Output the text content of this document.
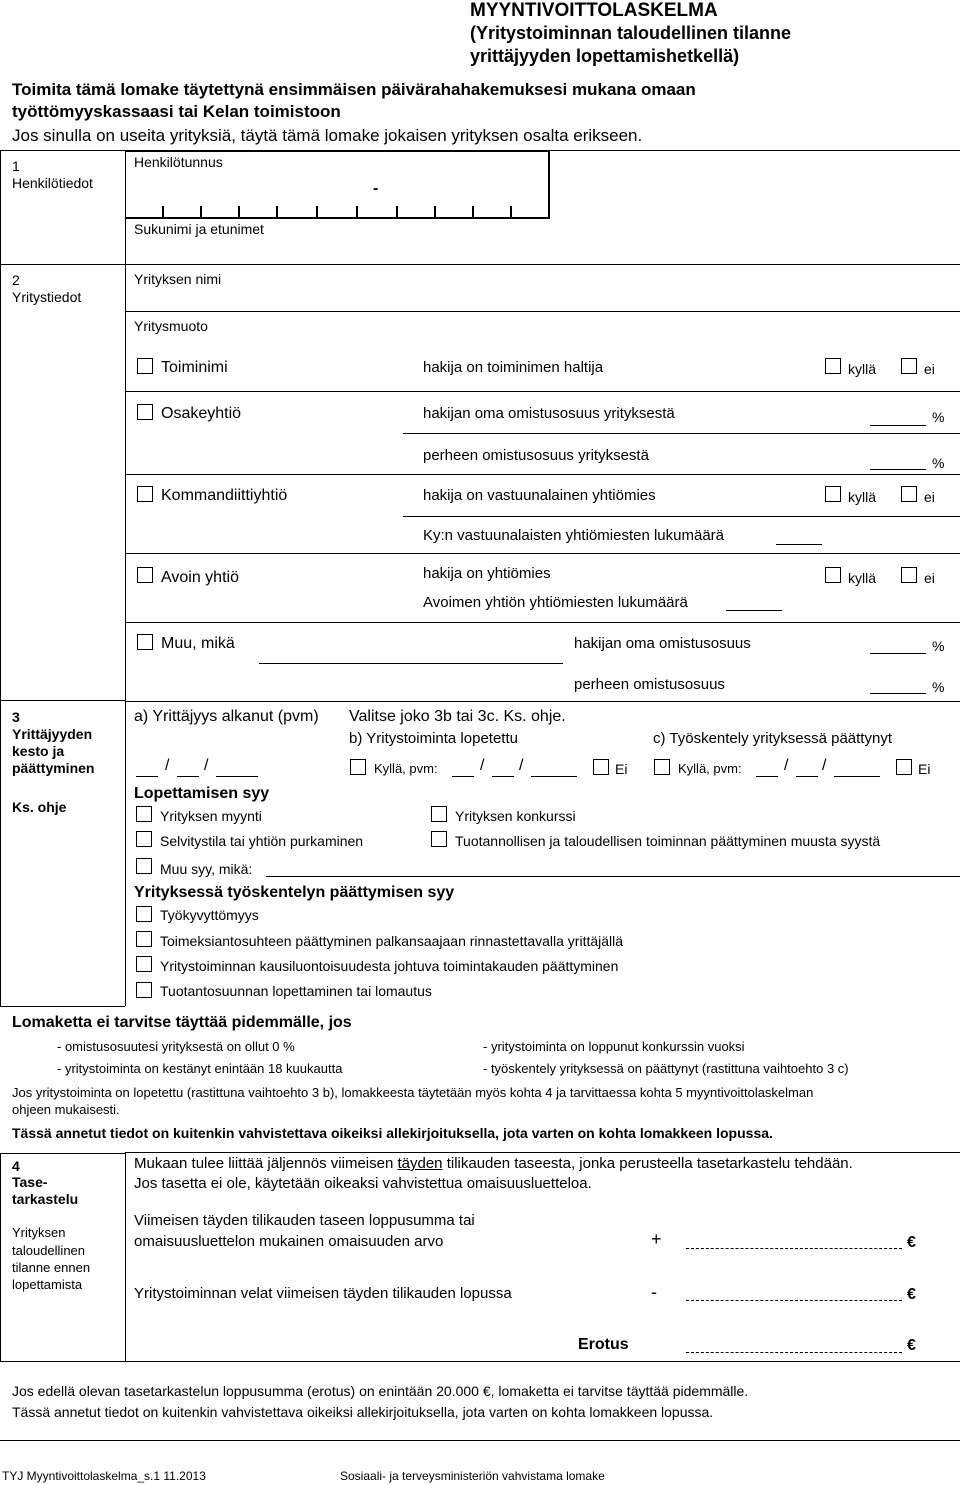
MYYNTIVOITTOLASKELMA
(Yritystoiminnan taloudellinen tilanne
yrittäjyyden lopettamishetkellä)
Toimita tämä lomake täytettynä ensimmäisen päivärahahakemuksesi mukana omaan
työttömyyskassaasi tai Kelan toimistoon
Jos sinulla on useita yrityksiä, täytä tämä lomake jokaisen yrityksen osalta erikseen.
1
Henkilötiedot
Henkilötunnus
-
Sukunimi ja etunimet
2
Yritystiedot
Yrityksen nimi
Yritysmuoto
Toiminimi	hakija on toiminimen haltija	kyllä	ei
Osakeyhtiö	hakijan oma omistusosuus yrityksestä	%
perheen omistusosuus yrityksestä	%
Kommandiittiyhtiö	hakija on vastuunalainen yhtiömies	kyllä	ei
Ky:n vastuunalaisten yhtiömiesten lukumäärä
Avoin yhtiö	hakija on yhtiömies	kyllä	ei
Avoimen yhtiön yhtiömiesten lukumäärä
Muu, mikä	hakijan oma omistusosuus	%
perheen omistusosuus	%
3
Yrittäjyyden
kesto ja
päättyminen
Ks. ohje
a) Yrittäjyys alkanut (pvm)
/ /
Valitse joko 3b tai 3c. Ks. ohje.
b) Yritystoiminta lopetettu	c) Työskentely yrityksessä päättynyt
Kyllä, pvm:	/ /	Ei	Kyllä, pvm:	/ /	Ei
Lopettamisen syy
Yrityksen myynti	Yrityksen konkurssi
Selvitystila tai yhtiön purkaminen	Tuotannollisen ja taloudellisen toiminnan päättyminen muusta syystä
Muu syy, mikä:
Yrityksessä työskentelyn päättymisen syy
Työkyvyttömyys
Toimeksiantosuhteen päättyminen palkansaajaan rinnastettavalla yrittäjällä
Yritystoiminnan kausiluontoisuudesta johtuva toimintakauden päättyminen
Tuotantosuunnan lopettaminen tai lomautus
Lomaketta ei tarvitse täyttää pidemmälle, jos
- omistusosuutesi yrityksestä on ollut 0 %	- yritystoiminta on loppunut konkurssin vuoksi
- yritystoiminta on kestänyt enintään 18 kuukautta	- työskentely yrityksessä on päättynyt (rastittuna vaihtoehto 3 c)
Jos yritystoiminta on lopetettu (rastittuna vaihtoehto 3 b), lomakkeesta täytetään myös kohta 4 ja tarvittaessa kohta 5 myyntivoittolaskelman
ohjeen mukaisesti.
Tässä annetut tiedot on kuitenkin vahvistettava oikeiksi allekirjoituksella, jota varten on kohta lomakkeen lopussa.
4
Tase-
tarkastelu
Yrityksen
taloudellinen
tilanne ennen
lopettamista
Mukaan tulee liittää jäljennös viimeisen täyden tilikauden taseesta, jonka perusteella tasetarkastelu tehdään.
Jos tasetta ei ole, käytetään oikeaksi vahvistettua omaisuusluetteloa.
Viimeisen täyden tilikauden taseen loppusumma tai
omaisuusluettelon mukainen omaisuuden arvo	+	€
Yritystoiminnan velat viimeisen täyden tilikauden lopussa	-	€
Erotus	€
Jos edellä olevan tasetarkastelun loppusumma (erotus) on enintään 20.000 €, lomaketta ei tarvitse täyttää pidemmälle.
Tässä annetut tiedot on kuitenkin vahvistettava oikeiksi allekirjoituksella, jota varten on kohta lomakkeen lopussa.
TYJ Myyntivoittolaskelma_s.1 11.2013	Sosiaali- ja terveysministeriön vahvistama lomake
